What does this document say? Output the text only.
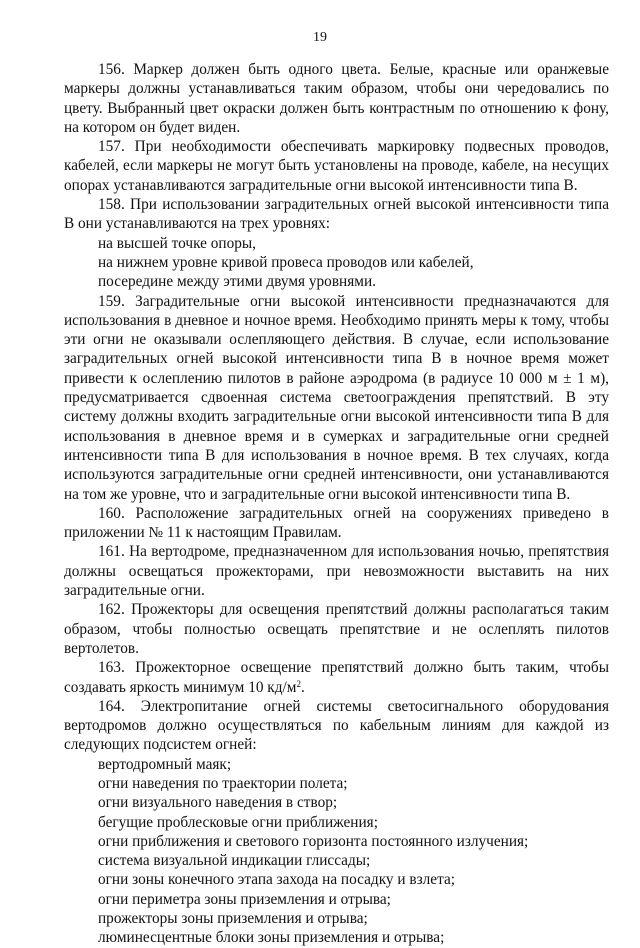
19

156. Маркер должен быть одного цвета. Белые, красные или оранжевые маркеры должны устанавливаться таким образом, чтобы они чередовались по цвету. Выбранный цвет окраски должен быть контрастным по отношению к фону, на котором он будет виден.

157. При необходимости обеспечивать маркировку подвесных проводов, кабелей, если маркеры не могут быть установлены на проводе, кабеле, на несущих опорах устанавливаются заградительные огни высокой интенсивности типа В.

158. При использовании заградительных огней высокой интенсивности типа В они устанавливаются на трех уровнях:

на высшей точке опоры,

на нижнем уровне кривой провеса проводов или кабелей,

посередине между этими двумя уровнями.

159. Заградительные огни высокой интенсивности предназначаются для использования в дневное и ночное время. Необходимо принять меры к тому, чтобы эти огни не оказывали ослепляющего действия. В случае, если использование заградительных огней высокой интенсивности типа В в ночное время может привести к ослеплению пилотов в районе аэродрома (в радиусе 10 000 м ± 1 м), предусматривается сдвоенная система светоограждения препятствий. В эту систему должны входить заградительные огни высокой интенсивности типа В для использования в дневное время и в сумерках и заградительные огни средней интенсивности типа В для использования в ночное время. В тех случаях, когда используются заградительные огни средней интенсивности, они устанавливаются на том же уровне, что и заградительные огни высокой интенсивности типа В.

160. Расположение заградительных огней на сооружениях приведено в приложении № 11 к настоящим Правилам.

161. На вертодроме, предназначенном для использования ночью, препятствия должны освещаться прожекторами, при невозможности выставить на них заградительные огни.

162. Прожекторы для освещения препятствий должны располагаться таким образом, чтобы полностью освещать препятствие и не ослеплять пилотов вертолетов.

163. Прожекторное освещение препятствий должно быть таким, чтобы создавать яркость минимум 10 $кд/м^2$.

164. Электропитание огней системы светосигнального оборудования вертодромов должно осуществляться по кабельным линиям для каждой из следующих подсистем огней:

вертодромный маяк;

огни наведения по траектории полета;

огни визуального наведения в створ;

бегущие проблесковые огни приближения;

огни приближения и светового горизонта постоянного излучения;

система визуальной индикации глиссады;

огни зоны конечного этапа захода на посадку и взлета;

огни периметра зоны приземления и отрыва;

прожекторы зоны приземления и отрыва;

люминесцентные блоки зоны приземления и отрыва;
